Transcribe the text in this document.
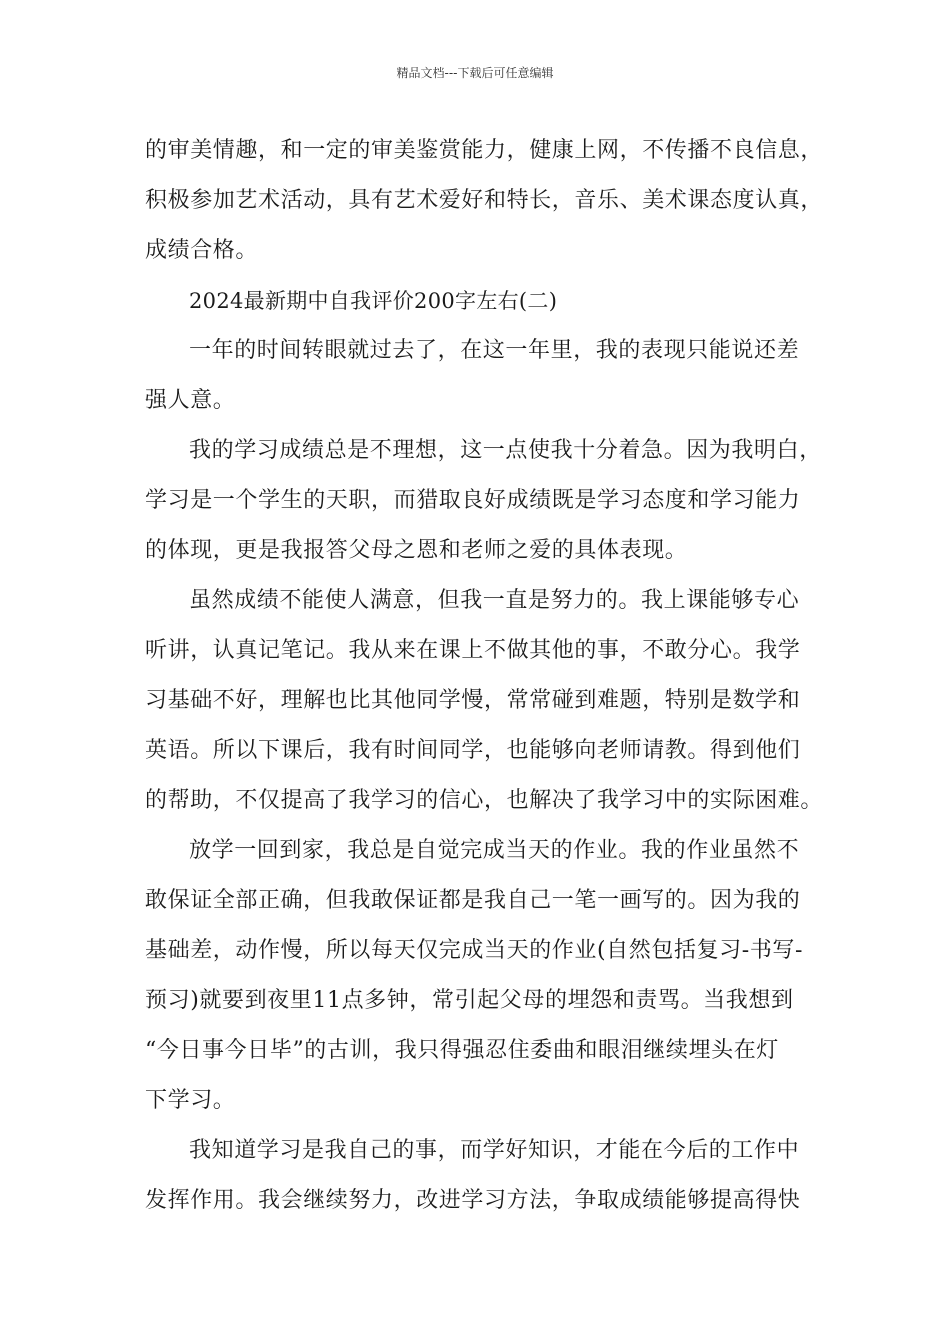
精品文档---下载后可任意编辑
的审美情趣，和一定的审美鉴赏能力，健康上网，不传播不良信息，
积极参加艺术活动，具有艺术爱好和特长，音乐、美术课态度认真，
成绩合格。
2024最新期中自我评价200字左右(二)
一年的时间转眼就过去了，在这一年里，我的表现只能说还差
强人意。
我的学习成绩总是不理想，这一点使我十分着急。因为我明白，
学习是一个学生的天职，而猎取良好成绩既是学习态度和学习能力
的体现，更是我报答父母之恩和老师之爱的具体表现。
虽然成绩不能使人满意，但我一直是努力的。我上课能够专心
听讲，认真记笔记。我从来在课上不做其他的事，不敢分心。我学
习基础不好，理解也比其他同学慢，常常碰到难题，特别是数学和
英语。所以下课后，我有时间同学，也能够向老师请教。得到他们
的帮助，不仅提高了我学习的信心，也解决了我学习中的实际困难。
放学一回到家，我总是自觉完成当天的作业。我的作业虽然不
敢保证全部正确，但我敢保证都是我自己一笔一画写的。因为我的
基础差，动作慢，所以每天仅完成当天的作业(自然包括复习-书写-
预习)就要到夜里11点多钟，常引起父母的埋怨和责骂。当我想到
“今日事今日毕”的古训，我只得强忍住委曲和眼泪继续埋头在灯
下学习。
我知道学习是我自己的事，而学好知识，才能在今后的工作中
发挥作用。我会继续努力，改进学习方法，争取成绩能够提高得快
